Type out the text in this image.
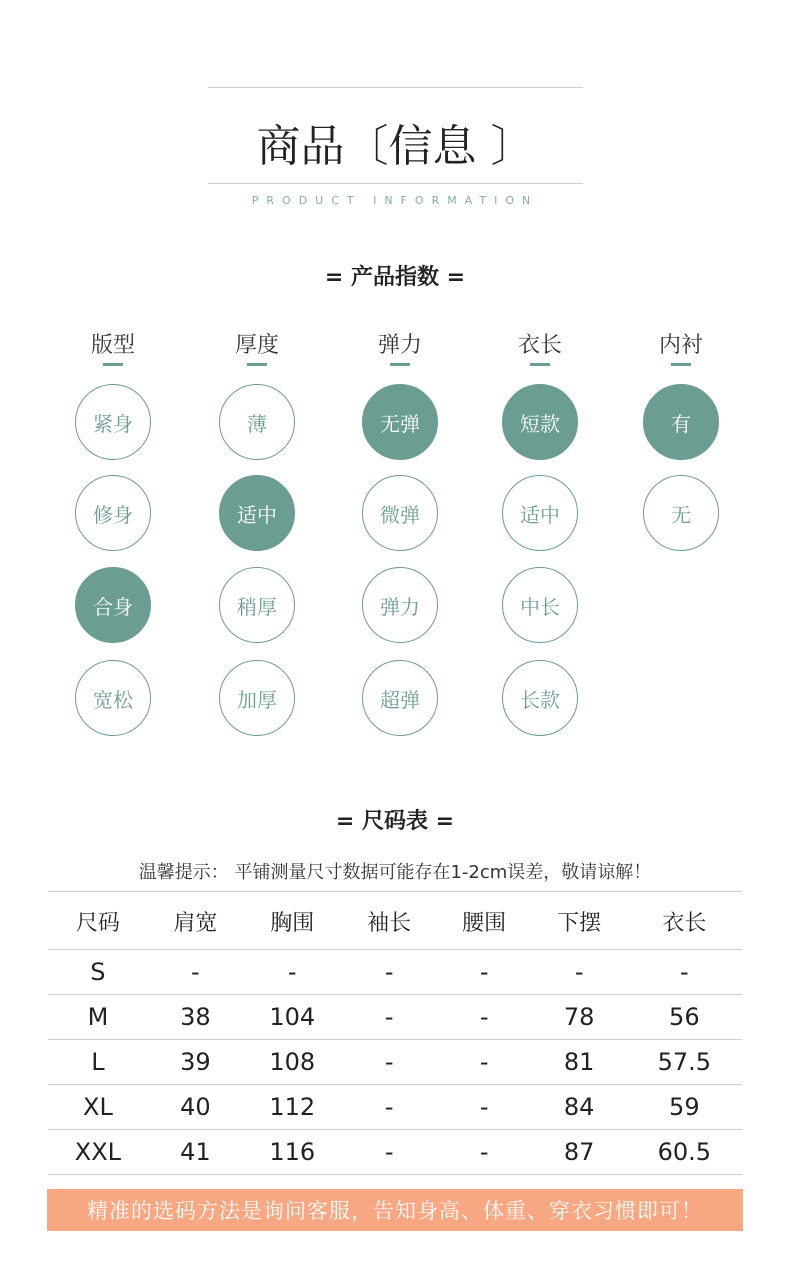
商品〔信息 〕
PRODUCT INFORMATION
= 产品指数 =
版型
紧身
修身
合身
宽松
厚度
薄
适中
稍厚
加厚
弹力
无弹
微弹
弹力
超弹
衣长
短款
适中
中长
长款
内衬
有
无
= 尺码表 =
温馨提示： 平铺测量尺寸数据可能存在1-2cm误差，敬请谅解！
尺码	肩宽	胸围	袖长	腰围	下摆	衣长
S	-	-	-	-	-	-
M	38	104	-	-	78	56
L	39	108	-	-	81	57.5
XL	40	112	-	-	84	59
XXL	41	116	-	-	87	60.5
精准的选码方法是询问客服，告知身高、体重、穿衣习惯即可！
